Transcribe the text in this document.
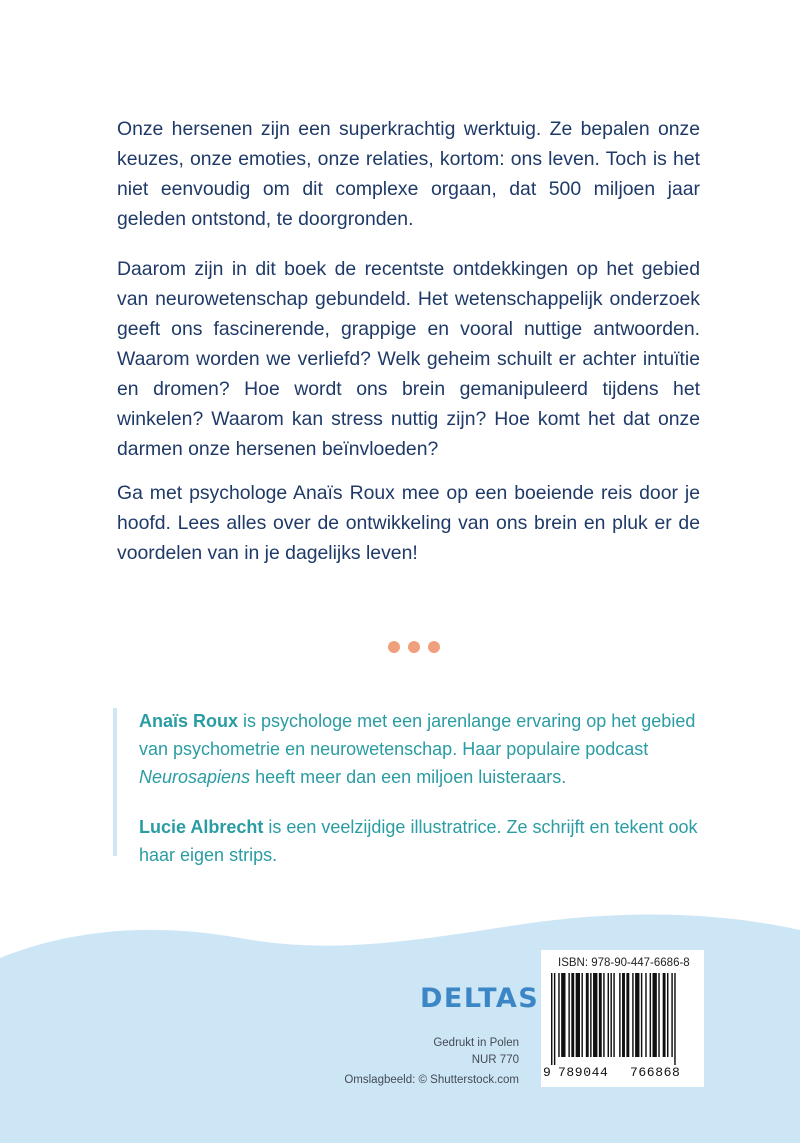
Onze hersenen zijn een superkrachtig werktuig. Ze bepalen onze keuzes, onze emoties, onze relaties, kortom: ons leven. Toch is het niet eenvoudig om dit complexe orgaan, dat 500 miljoen jaar geleden ontstond, te doorgronden.

Daarom zijn in dit boek de recentste ontdekkingen op het gebied van neurowetenschap gebundeld. Het wetenschappelijk onderzoek geeft ons fascinerende, grappige en vooral nuttige antwoorden. Waarom worden we verliefd? Welk geheim schuilt er achter intuïtie en dromen? Hoe wordt ons brein gemanipuleerd tijdens het winkelen? Waarom kan stress nuttig zijn? Hoe komt het dat onze darmen onze hersenen beïnvloeden?

Ga met psychologe Anaïs Roux mee op een boeiende reis door je hoofd. Lees alles over de ontwikkeling van ons brein en pluk er de voordelen van in je dagelijks leven!

Anaïs Roux is psychologe met een jarenlange ervaring op het gebied van psychometrie en neurowetenschap. Haar populaire podcast Neurosapiens heeft meer dan een miljoen luisteraars.

Lucie Albrecht is een veelzijdige illustratrice. Ze schrijft en tekent ook haar eigen strips.

DELTAS
Gedrukt in Polen
NUR 770
Omslagbeeld: © Shutterstock.com
ISBN: 978-90-447-6686-8
9 789044 766868
